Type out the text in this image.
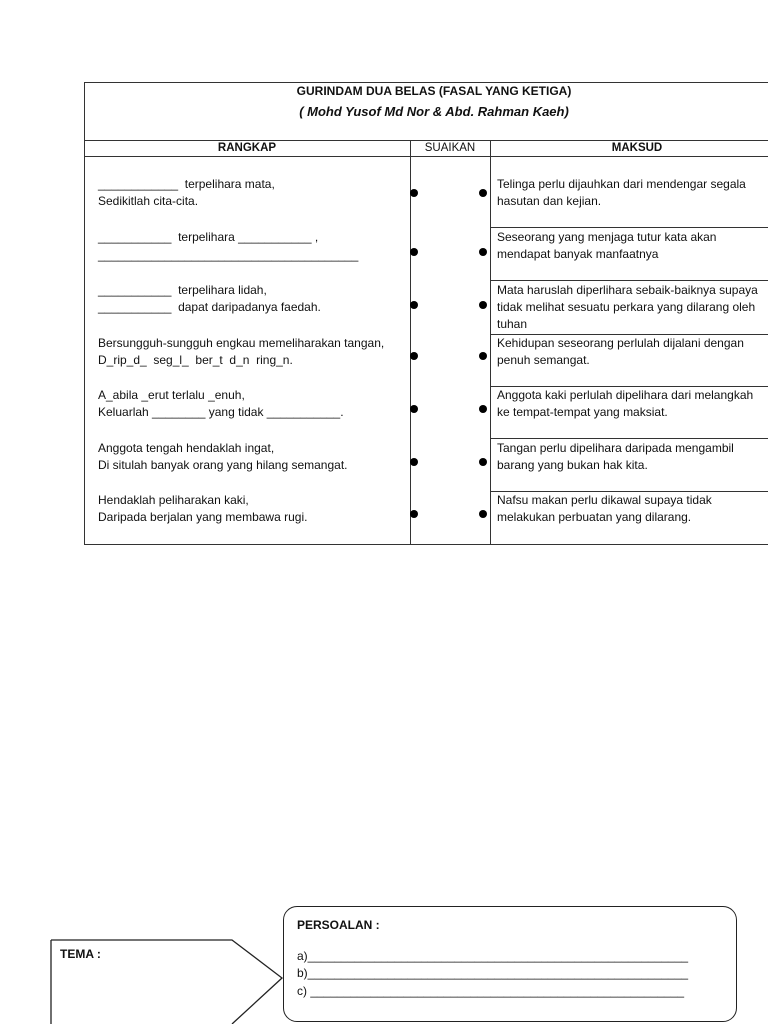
GURINDAM DUA BELAS (FASAL YANG KETIGA)
( Mohd Yusof Md Nor & Abd. Rahman Kaeh)
RANGKAP	SUAIKAN	MAKSUD
____________  terpelihara mata,
Sedikitlah cita-cita.
Telinga perlu dijauhkan dari mendengar segala
hasutan dan kejian.
___________  terpelihara ___________ ,
_______________________________________
Seseorang yang menjaga tutur kata akan
mendapat banyak manfaatnya
___________  terpelihara lidah,
___________  dapat daripadanya faedah.
Mata haruslah diperlihara sebaik-baiknya supaya
tidak melihat sesuatu perkara yang dilarang oleh
tuhan
Bersungguh-sungguh engkau memeliharakan tangan,
D_rip_d_  seg_l_  ber_t  d_n  ring_n.
Kehidupan seseorang perlulah dijalani dengan
penuh semangat.
A_abila _erut terlalu _enuh,
Keluarlah ________ yang tidak ___________.
Anggota kaki perlulah dipelihara dari melangkah
ke tempat-tempat yang maksiat.
Anggota tengah hendaklah ingat,
Di situlah banyak orang yang hilang semangat.
Tangan perlu dipelihara daripada mengambil
barang yang bukan hak kita.
Hendaklah peliharakan kaki,
Daripada berjalan yang membawa rugi.
Nafsu makan perlu dikawal supaya tidak
melakukan perbuatan yang dilarang.
TEMA :
PERSOALAN :
a)_________________________________________________________
b)_________________________________________________________
c) ________________________________________________________
